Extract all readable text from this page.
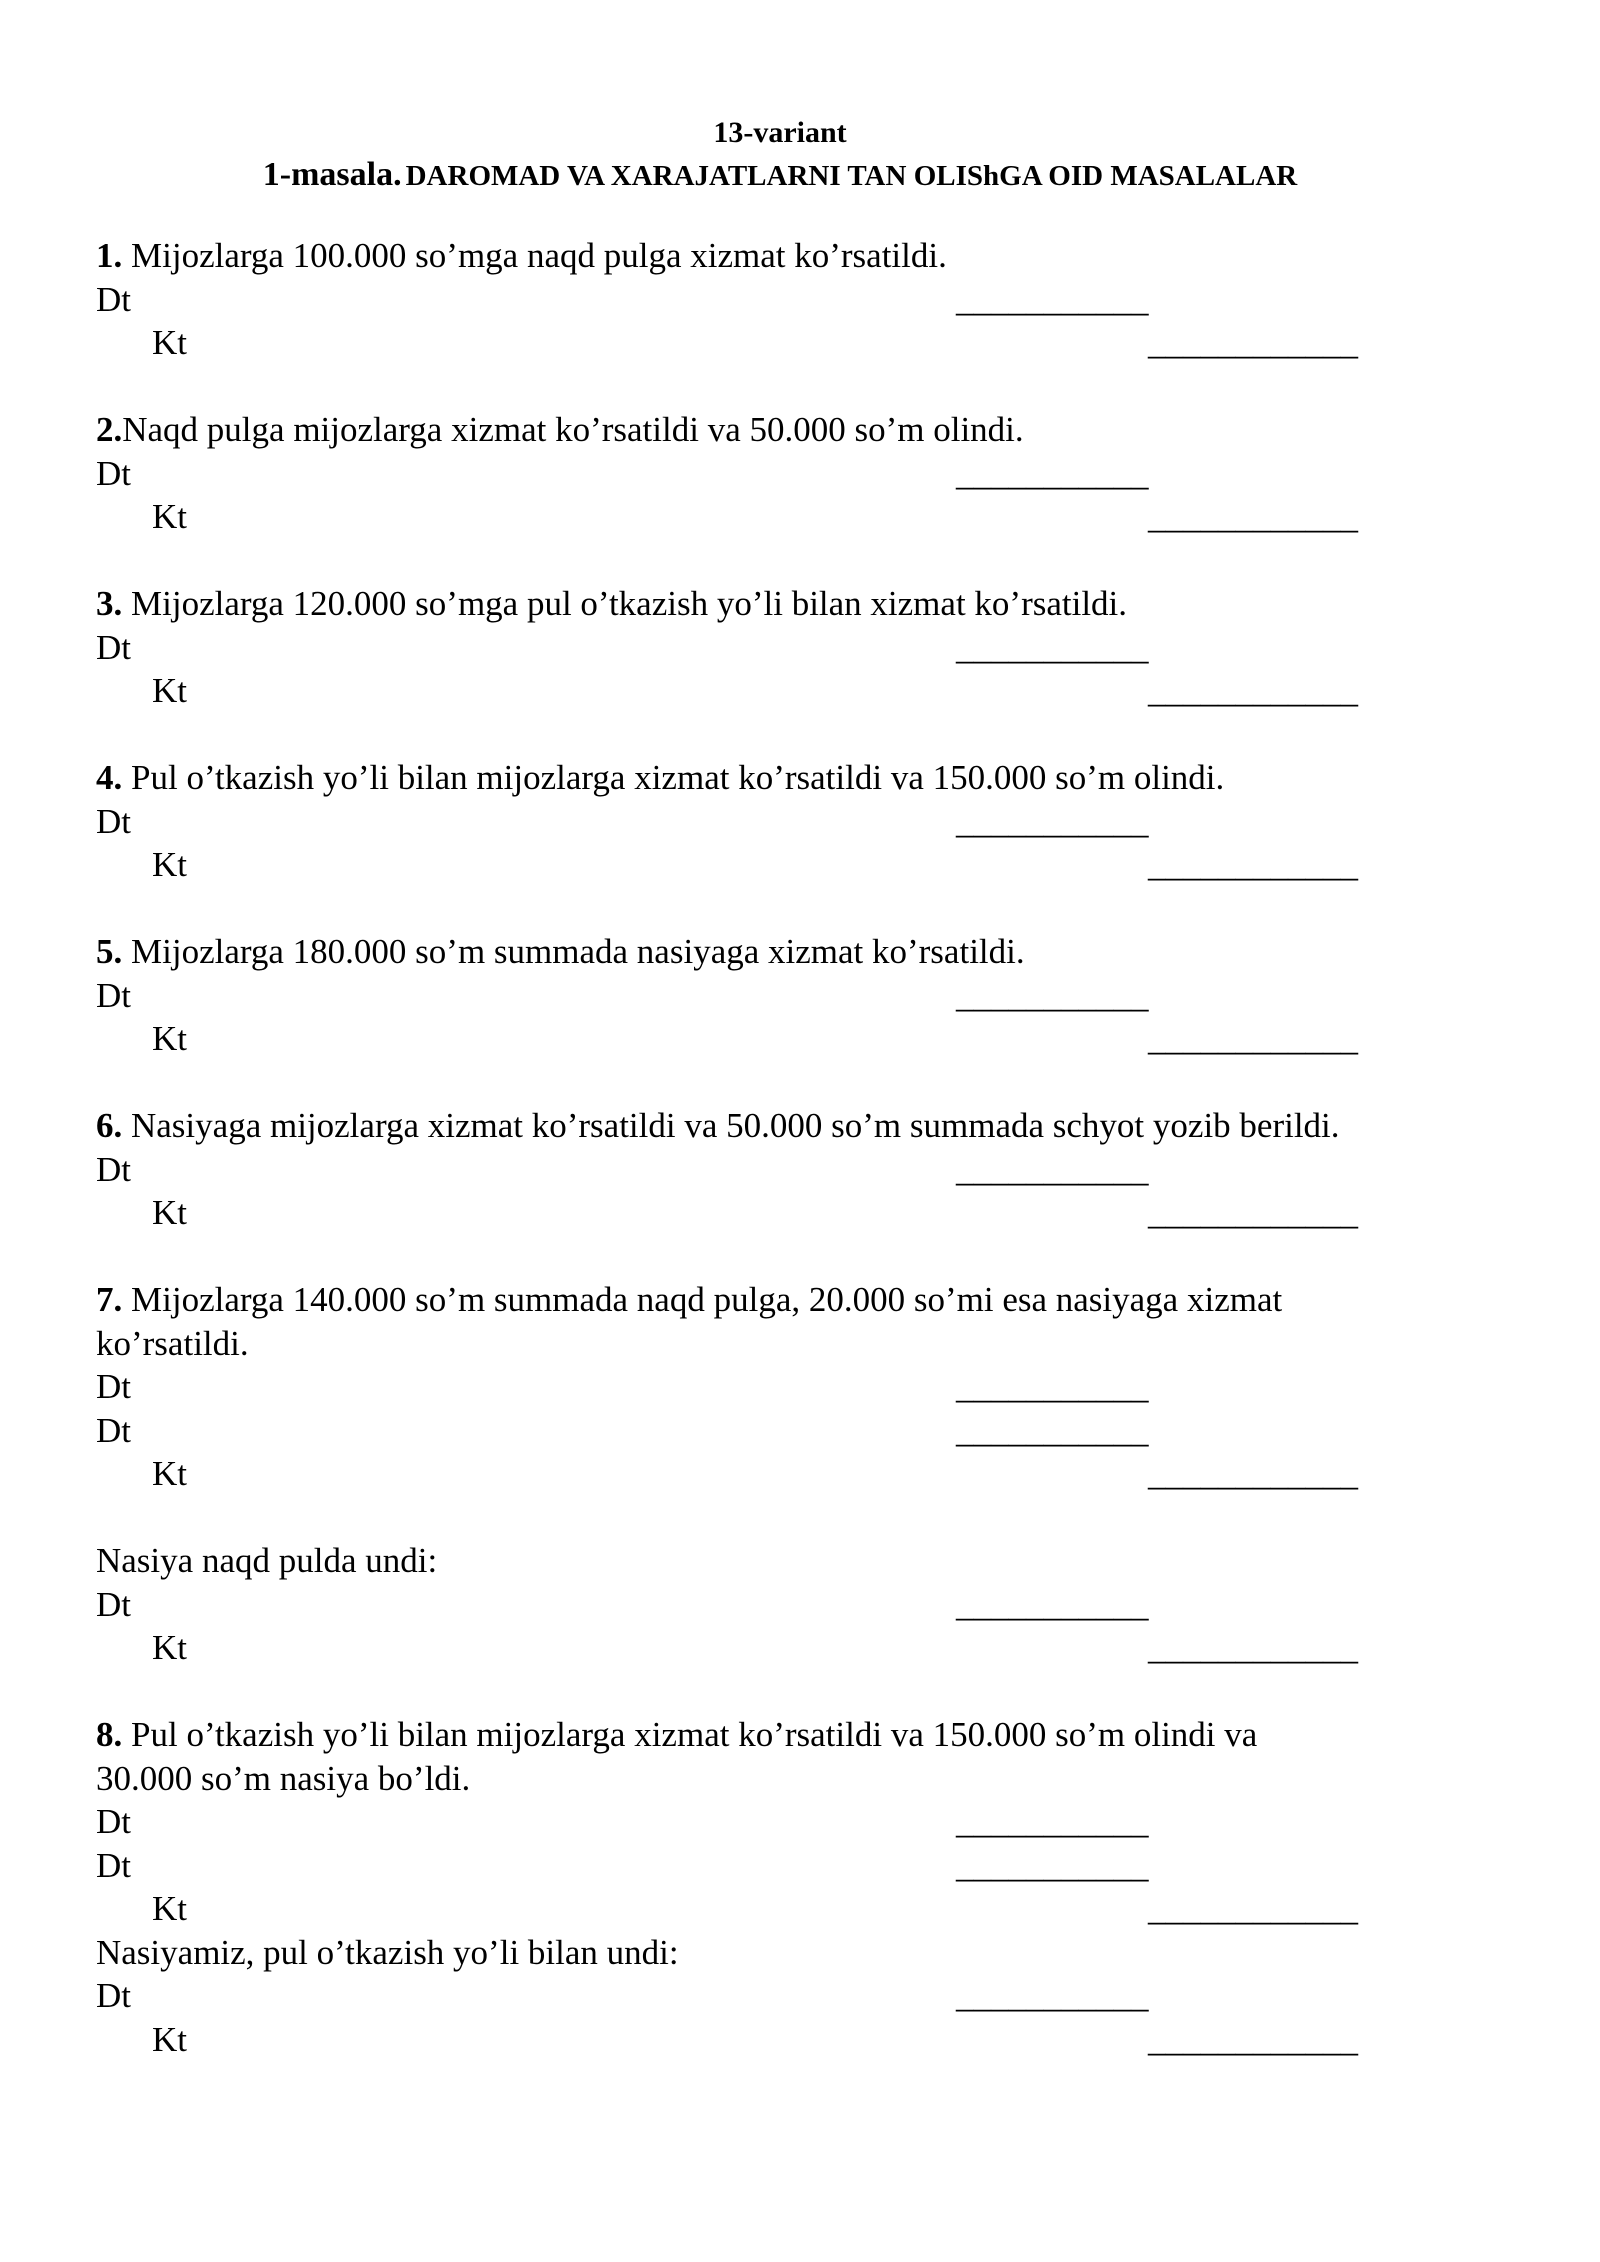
13-variant
1-masala. DAROMAD VA XARAJATLARNI TAN OLIShGA OID MASALALAR
1. Mijozlarga 100.000 so’mga naqd pulga xizmat ko’rsatildi.
Dt	___________
Kt	____________
2.Naqd pulga mijozlarga xizmat ko’rsatildi va 50.000 so’m olindi.
Dt	___________
Kt	____________
3. Mijozlarga 120.000 so’mga pul o’tkazish yo’li bilan xizmat ko’rsatildi.
Dt	___________
Kt	____________
4. Pul o’tkazish yo’li bilan mijozlarga xizmat ko’rsatildi va 150.000 so’m olindi.
Dt	___________
Kt	____________
5. Mijozlarga 180.000 so’m summada nasiyaga xizmat ko’rsatildi.
Dt	___________
Kt	____________
6. Nasiyaga mijozlarga xizmat ko’rsatildi va 50.000 so’m summada schyot yozib berildi.
Dt	___________
Kt	____________
7. Mijozlarga 140.000 so’m summada naqd pulga, 20.000 so’mi esa nasiyaga xizmat
ko’rsatildi.
Dt	___________
Dt	___________
Kt	____________
Nasiya naqd pulda undi:
Dt	___________
Kt	____________
8. Pul o’tkazish yo’li bilan mijozlarga xizmat ko’rsatildi va 150.000 so’m olindi va
30.000 so’m nasiya bo’ldi.
Dt	___________
Dt	___________
Kt	____________
Nasiyamiz, pul o’tkazish yo’li bilan undi:
Dt	___________
Kt	____________
